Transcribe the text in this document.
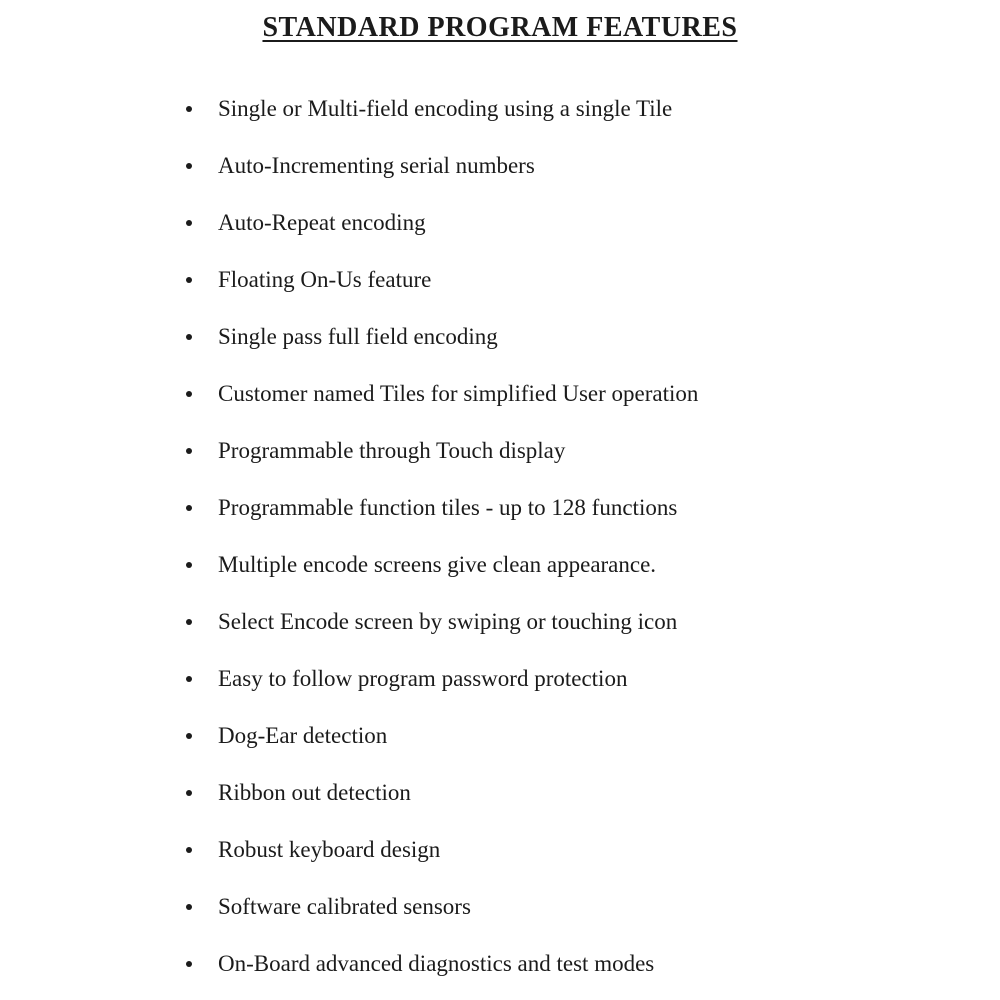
STANDARD PROGRAM FEATURES
Single or Multi-field encoding using a single Tile
Auto-Incrementing serial numbers
Auto-Repeat encoding
Floating On-Us feature
Single pass full field encoding
Customer named Tiles for simplified User operation
Programmable through Touch display
Programmable function tiles - up to 128 functions
Multiple encode screens give clean appearance.
Select Encode screen by swiping or touching icon
Easy to follow program password protection
Dog-Ear detection
Ribbon out detection
Robust keyboard design
Software calibrated sensors
On-Board advanced diagnostics and test modes
